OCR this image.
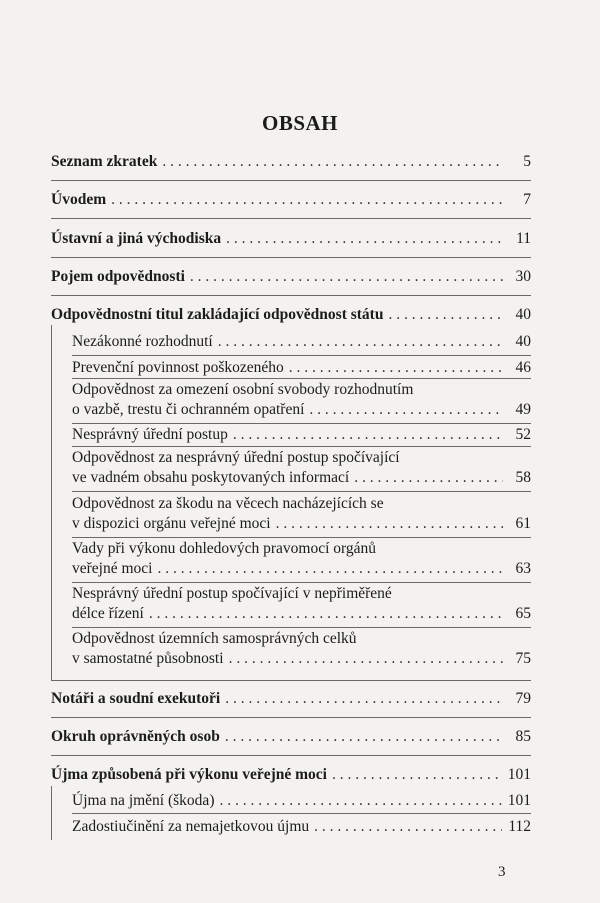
OBSAH
Seznam zkratek . . .	5
Úvodem . . .	7
Ústavní a jiná východiska . . .	11
Pojem odpovědnosti . . .	30
Odpovědnostní titul zakládající odpovědnost státu . . .	40
Nezákonné rozhodnutí . . .	40
Prevenční povinnost poškozeného . . .	46
Odpovědnost za omezení osobní svobody rozhodnutím
o vazbě, trestu či ochranném opatření . . .	49
Nesprávný úřední postup . . .	52
Odpovědnost za nesprávný úřední postup spočívající
ve vadném obsahu poskytovaných informací . . .	58
Odpovědnost za škodu na věcech nacházejících se
v dispozici orgánu veřejné moci . . .	61
Vady při výkonu dohledových pravomocí orgánů
veřejné moci . . .	63
Nesprávný úřední postup spočívající v nepřiměřené
délce řízení . . .	65
Odpovědnost územních samosprávných celků
v samostatné působnosti . . .	75
Notáři a soudní exekutoři . . .	79
Okruh oprávněných osob . . .	85
Újma způsobená při výkonu veřejné moci . . .	101
Újma na jmění (škoda) . . .	101
Zadostiučinění za nemajetkovou újmu . . .	112
3
